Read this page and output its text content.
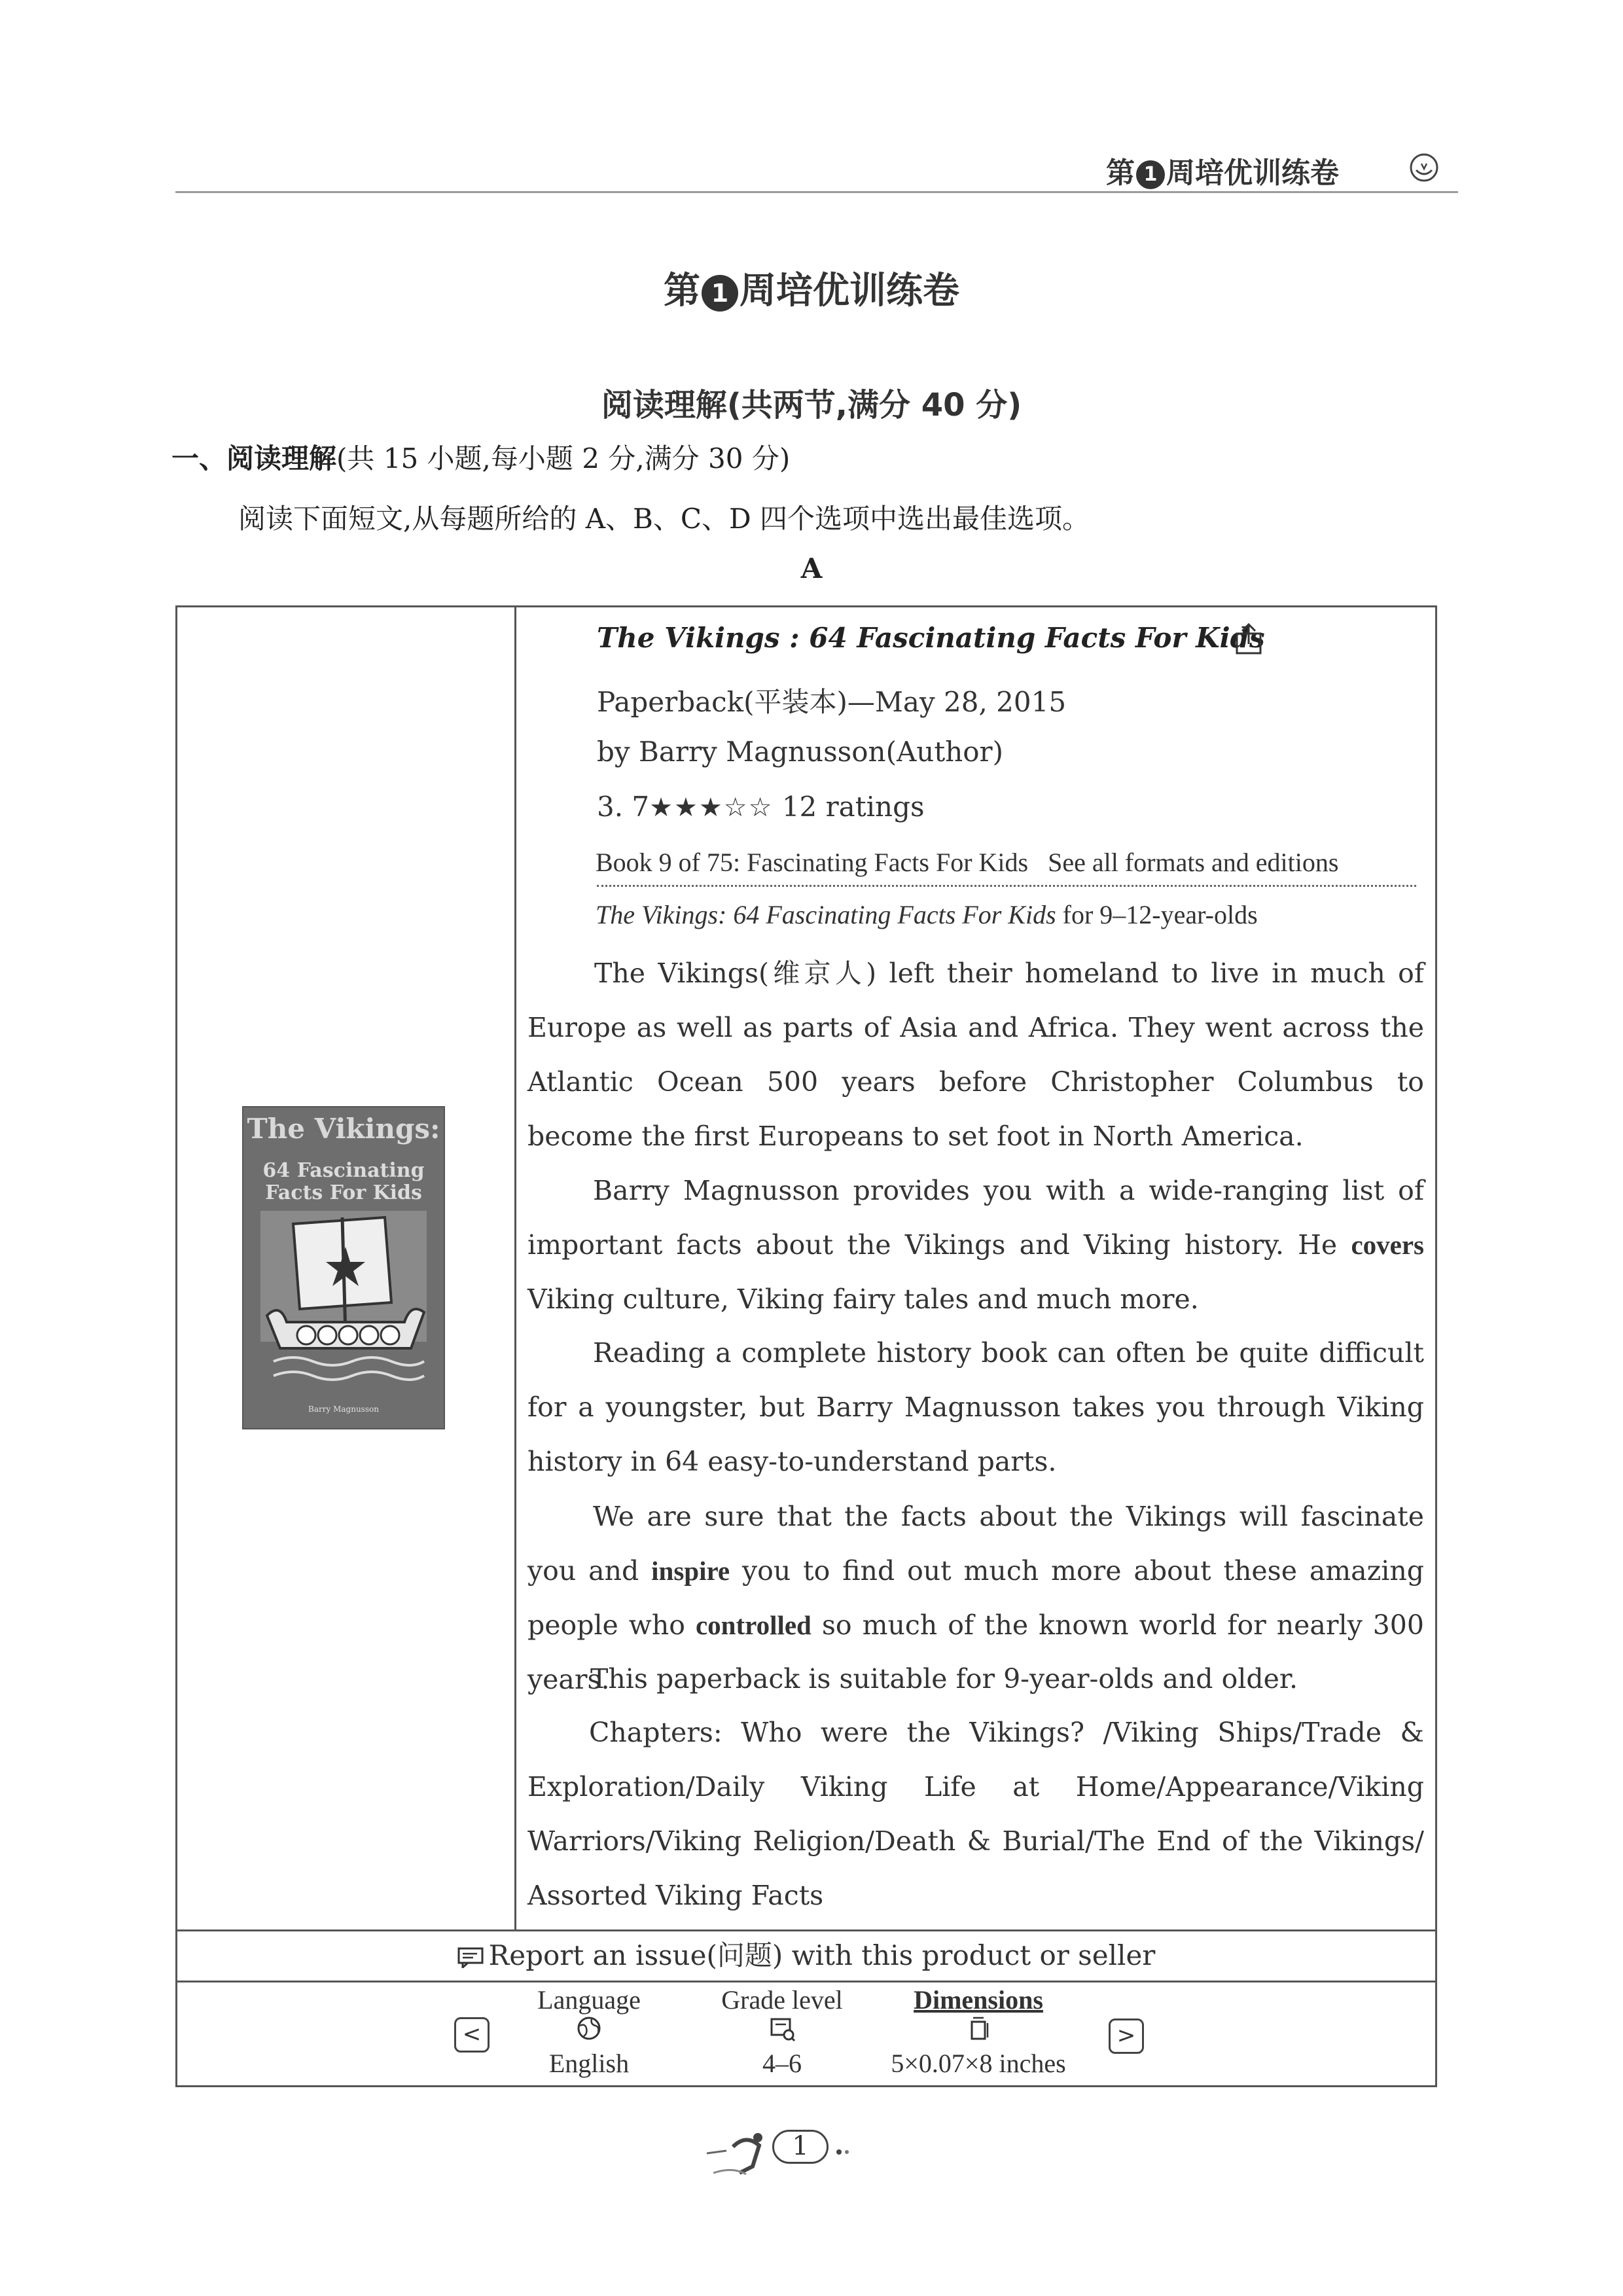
第 1 周培优训练卷
第 1 周培优训练卷
阅读理解(共两节,满分 40 分)
一、阅读理解(共 15 小题,每小题 2 分,满分 30 分)
阅读下面短文,从每题所给的 A、B、C、D 四个选项中选出最佳选项。
A
The Vikings:
64 Fascinating
Facts For Kids
Barry Magnusson
The Vikings : 64 Fascinating Facts For Kids
Paperback(平装本)—May 28, 2015
by Barry Magnusson(Author)
3. 7★★★☆☆ 12 ratings
Book 9 of 75: Fascinating Facts For Kids See all formats and editions
The Vikings: 64 Fascinating Facts For Kids for 9–12-year-olds
The Vikings(维京人) left their homeland to live in much of Europe as well as parts of Asia and Africa. They went across the Atlantic Ocean 500 years before Christopher Columbus to become the first Europeans to set foot in North America.
Barry Magnusson provides you with a wide-ranging list of important facts about the Vikings and Viking history. He covers Viking culture, Viking fairy tales and much more.
Reading a complete history book can often be quite difficult for a youngster, but Barry Magnusson takes you through Viking history in 64 easy-to-understand parts.
We are sure that the facts about the Vikings will fascinate you and inspire you to find out much more about these amazing people who controlled so much of the known world for nearly 300 years.
This paperback is suitable for 9-year-olds and older.
Chapters: Who were the Vikings? /Viking Ships/Trade & Exploration/Daily Viking Life at Home/Appearance/Viking Warriors/Viking Religion/Death & Burial/The End of the Vikings/ Assorted Viking Facts
Report an issue(问题) with this product or seller
<	>
Language
English
Grade level
4–6
Dimensions
5×0.07×8 inches
1
